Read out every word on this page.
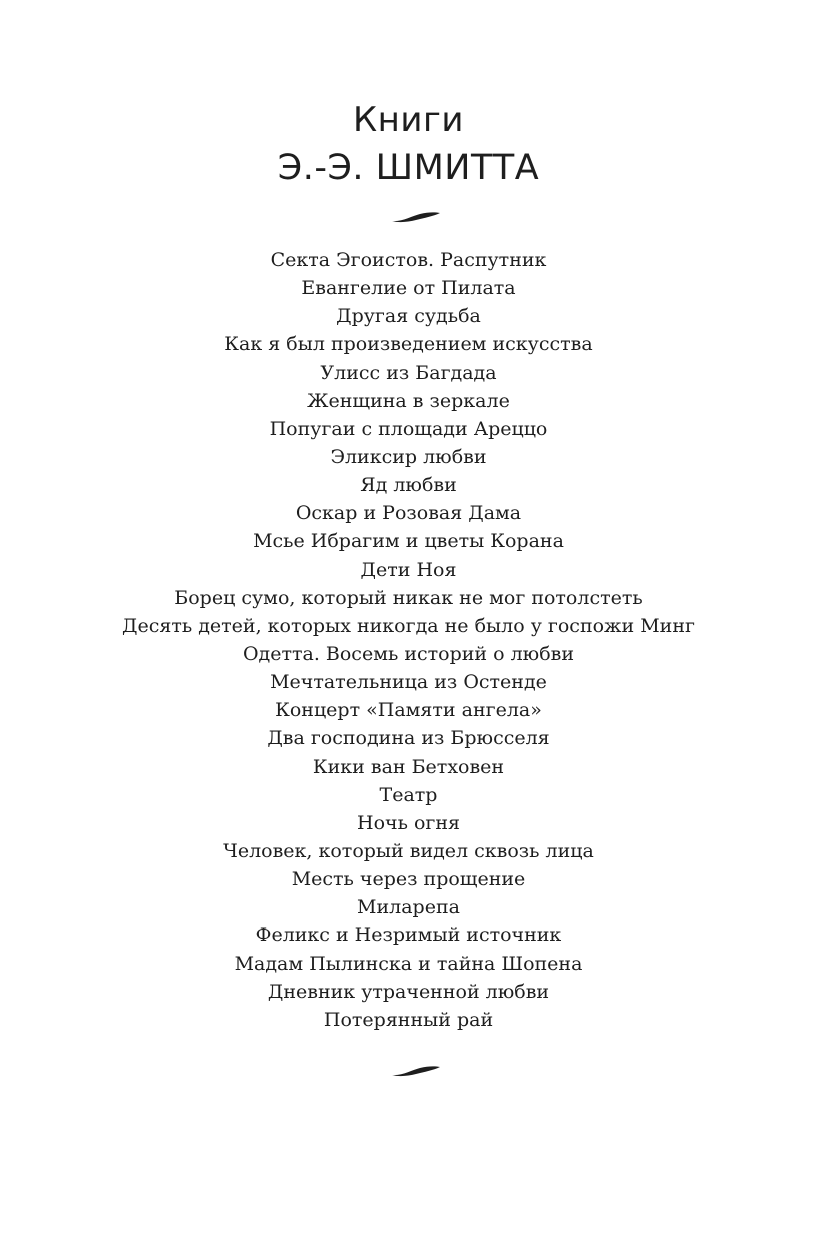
Книги
Э.-Э. ШМИТТА
Секта Эгоистов. Распутник
Евангелие от Пилата
Другая судьба
Как я был произведением искусства
Улисс из Багдада
Женщина в зеркале
Попугаи с площади Ареццо
Эликсир любви
Яд любви
Оскар и Розовая Дама
Мсье Ибрагим и цветы Корана
Дети Ноя
Борец сумо, который никак не мог потолстеть
Десять детей, которых никогда не было у госпожи Минг
Одетта. Восемь историй о любви
Мечтательница из Остенде
Концерт «Памяти ангела»
Два господина из Брюсселя
Кики ван Бетховен
Театр
Ночь огня
Человек, который видел сквозь лица
Месть через прощение
Миларепа
Феликс и Незримый источник
Мадам Пылинска и тайна Шопена
Дневник утраченной любви
Потерянный рай
